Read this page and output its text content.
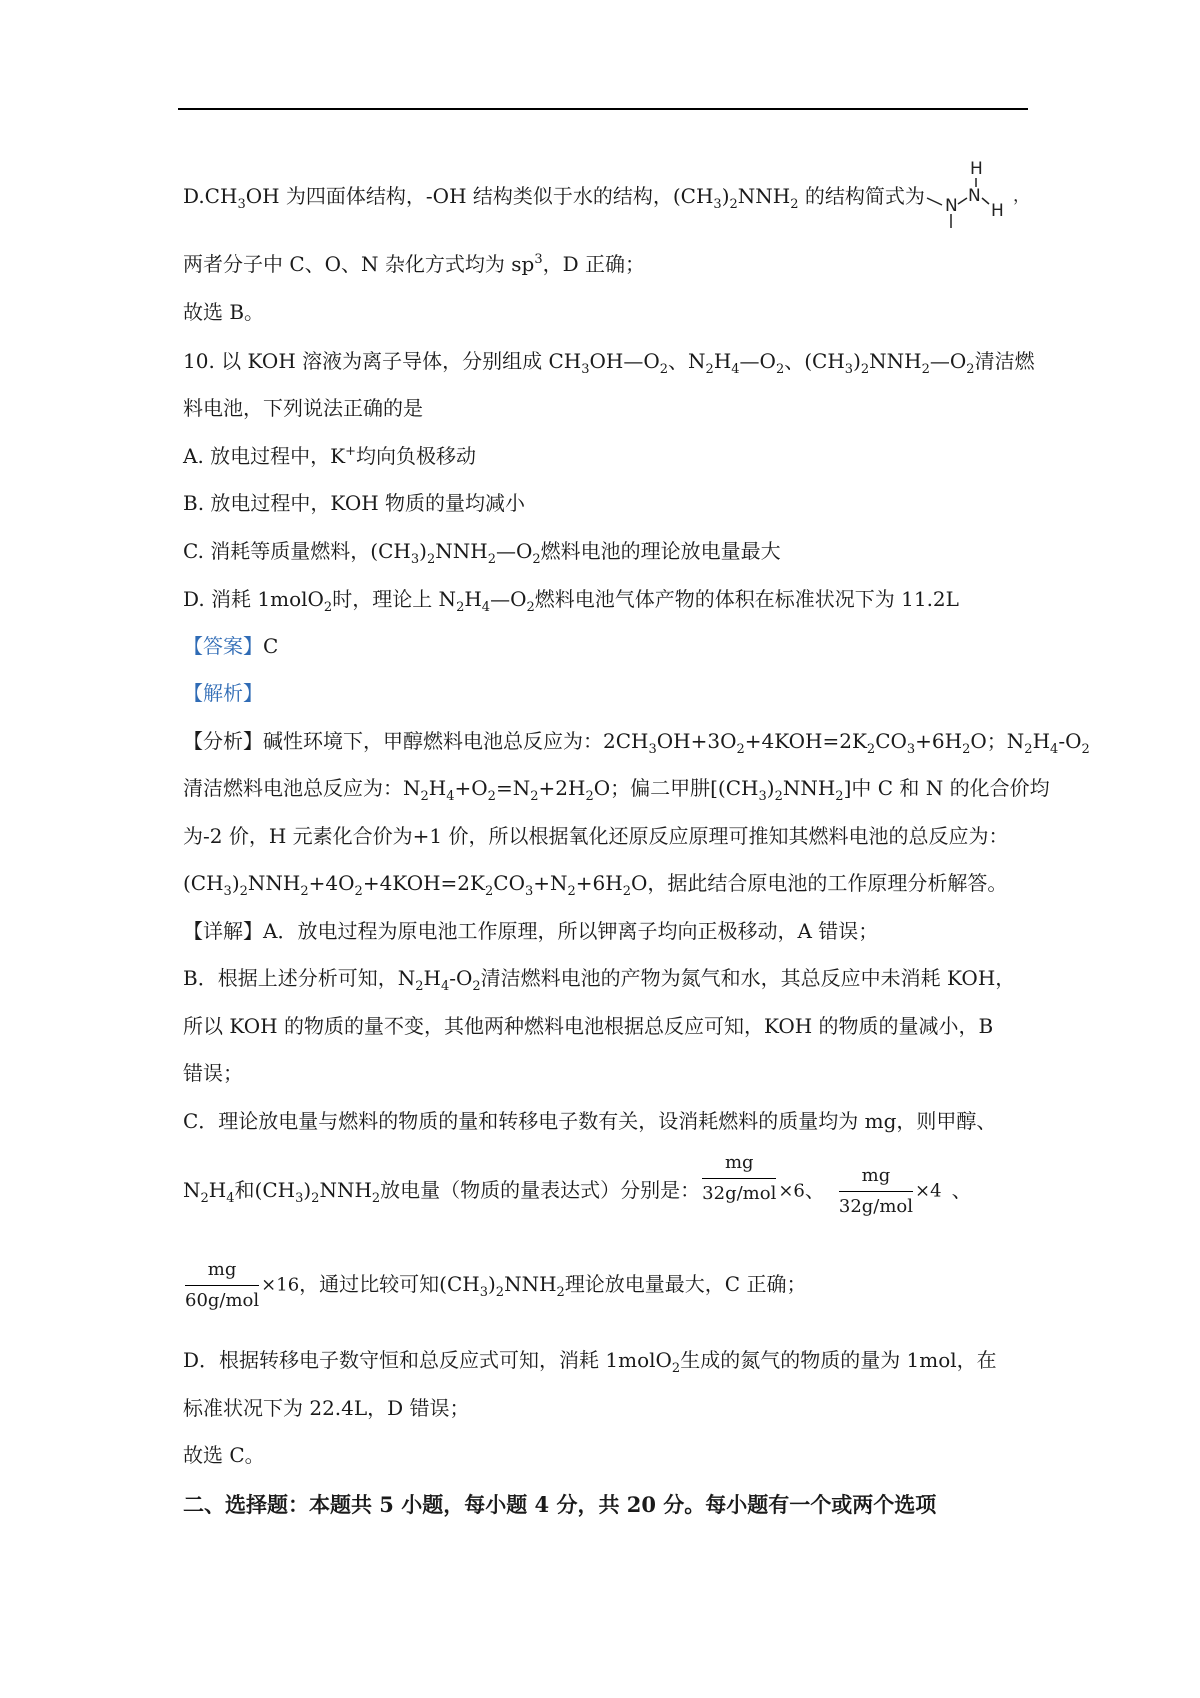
$D.CH_3OH$ 为四面体结构，-OH 结构类似于水的结构，$(CH_3)_2NNH_2$ 的结构简式为
H
N
N H
，
两者分子中 C、O、N 杂化方式均为 $sp^3$，D 正确；
故选 B。
10. 以 KOH 溶液为离子导体，分别组成 $CH_3OH—O_2$、$N_2H_4—O_2$、$(CH_3)_2NNH_2—O_2$清洁燃
料电池，下列说法正确的是
A. 放电过程中，K+均向负极移动
B. 放电过程中，KOH 物质的量均减小
C. 消耗等质量燃料，$(CH_3)_2NNH_2—O_2$燃料电池的理论放电量最大
D. 消耗 1molO$_2$时，理论上 $N_2H_4—O_2$燃料电池气体产物的体积在标准状况下为 11.2L
【答案】C
【解析】
【分析】碱性环境下，甲醇燃料电池总反应为：$2CH_3OH+3O_2+4KOH=2K_2CO_3+6H_2O$；$N_2H_4-O_2$
清洁燃料电池总反应为：$N_2H_4+O_2=N_2+2H_2O$；偏二甲肼$[(CH_3)_2NNH_2]$中 C 和 N 的化合价均
为-2 价，H 元素化合价为+1 价，所以根据氧化还原反应原理可推知其燃料电池的总反应为：
$(CH_3)_2NNH_2+4O_2+4KOH=2K_2CO_3+N_2+6H_2O$，据此结合原电池的工作原理分析解答。
【详解】A．放电过程为原电池工作原理，所以钾离子均向正极移动，A 错误；
B．根据上述分析可知，$N_2H_4-O_2$清洁燃料电池的产物为氮气和水，其总反应中未消耗 KOH，
所以 KOH 的物质的量不变，其他两种燃料电池根据总反应可知，KOH 的物质的量减小，B
错误；
C．理论放电量与燃料的物质的量和转移电子数有关，设消耗燃料的质量均为 mg，则甲醇、
$N_2H_4$和$(CH_3)_2NNH_2$放电量（物质的量表达式）分别是： $\frac{mg}{\text{32g/mol}} \times 6$、 $\frac{mg}{\text{32g/mol}} \times 4$ 、
$\frac{mg}{\text{60g/mol}} \times 16$，通过比较可知$(CH_3)_2NNH_2$理论放电量最大，C 正确；
D．根据转移电子数守恒和总反应式可知，消耗 1molO$_2$生成的氮气的物质的量为 1mol，在
标准状况下为 22.4L，D 错误；
故选 C。
二、选择题：本题共 5 小题，每小题 4 分，共 20 分。每小题有一个或两个选项
